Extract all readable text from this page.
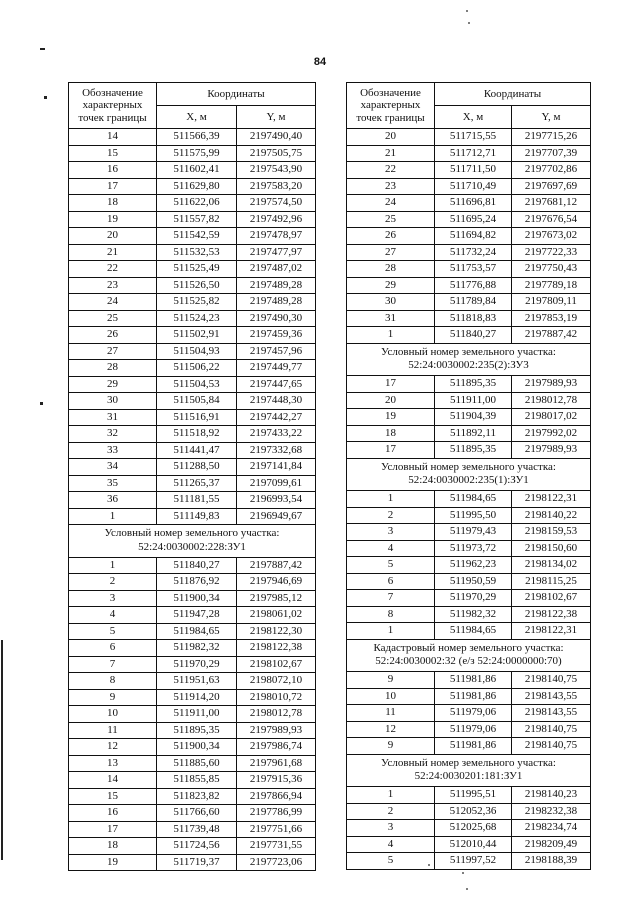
84
Обозначение характерных точек границы	Координаты	
	X, м	Y, м
14	511566,39	2197490,40
15	511575,99	2197505,75
16	511602,41	2197543,90
17	511629,80	2197583,20
18	511622,06	2197574,50
19	511557,82	2197492,96
20	511542,59	2197478,97
21	511532,53	2197477,97
22	511525,49	2197487,02
23	511526,50	2197489,28
24	511525,82	2197489,28
25	511524,23	2197490,30
26	511502,91	2197459,36
27	511504,93	2197457,96
28	511506,22	2197449,77
29	511504,53	2197447,65
30	511505,84	2197448,30
31	511516,91	2197442,27
32	511518,92	2197433,22
33	511441,47	2197332,68
34	511288,50	2197141,84
35	511265,37	2197099,61
36	511181,55	2196993,54
1	511149,83	2196949,67
Условный номер земельного участка: 52:24:0030002:228:ЗУ1		
1	511840,27	2197887,42
2	511876,92	2197946,69
3	511900,34	2197985,12
4	511947,28	2198061,02
5	511984,65	2198122,30
6	511982,32	2198122,38
7	511970,29	2198102,67
8	511951,63	2198072,10
9	511914,20	2198010,72
10	511911,00	2198012,78
11	511895,35	2197989,93
12	511900,34	2197986,74
13	511885,60	2197961,68
14	511855,85	2197915,36
15	511823,82	2197866,94
16	511766,60	2197786,99
17	511739,48	2197751,66
18	511724,56	2197731,55
19	511719,37	2197723,06
Обозначение характерных точек границы	Координаты	
	X, м	Y, м
20	511715,55	2197715,26
21	511712,71	2197707,39
22	511711,50	2197702,86
23	511710,49	2197697,69
24	511696,81	2197681,12
25	511695,24	2197676,54
26	511694,82	2197673,02
27	511732,24	2197722,33
28	511753,57	2197750,43
29	511776,88	2197789,18
30	511789,84	2197809,11
31	511818,83	2197853,19
1	511840,27	2197887,42
Условный номер земельного участка: 52:24:0030002:235(2):ЗУ3		
17	511895,35	2197989,93
20	511911,00	2198012,78
19	511904,39	2198017,02
18	511892,11	2197992,02
17	511895,35	2197989,93
Условный номер земельного участка: 52:24:0030002:235(1):ЗУ1		
1	511984,65	2198122,31
2	511995,50	2198140,22
3	511979,43	2198159,53
4	511973,72	2198150,60
5	511962,23	2198134,02
6	511950,59	2198115,25
7	511970,29	2198102,67
8	511982,32	2198122,38
1	511984,65	2198122,31
Кадастровый номер земельного участка: 52:24:0030002:32 (е/з 52:24:0000000:70)		
9	511981,86	2198140,75
10	511981,86	2198143,55
11	511979,06	2198143,55
12	511979,06	2198140,75
9	511981,86	2198140,75
Условный номер земельного участка: 52:24:0030201:181:ЗУ1		
1	511995,51	2198140,23
2	512052,36	2198232,38
3	512025,68	2198234,74
4	512010,44	2198209,49
5	511997,52	2198188,39
